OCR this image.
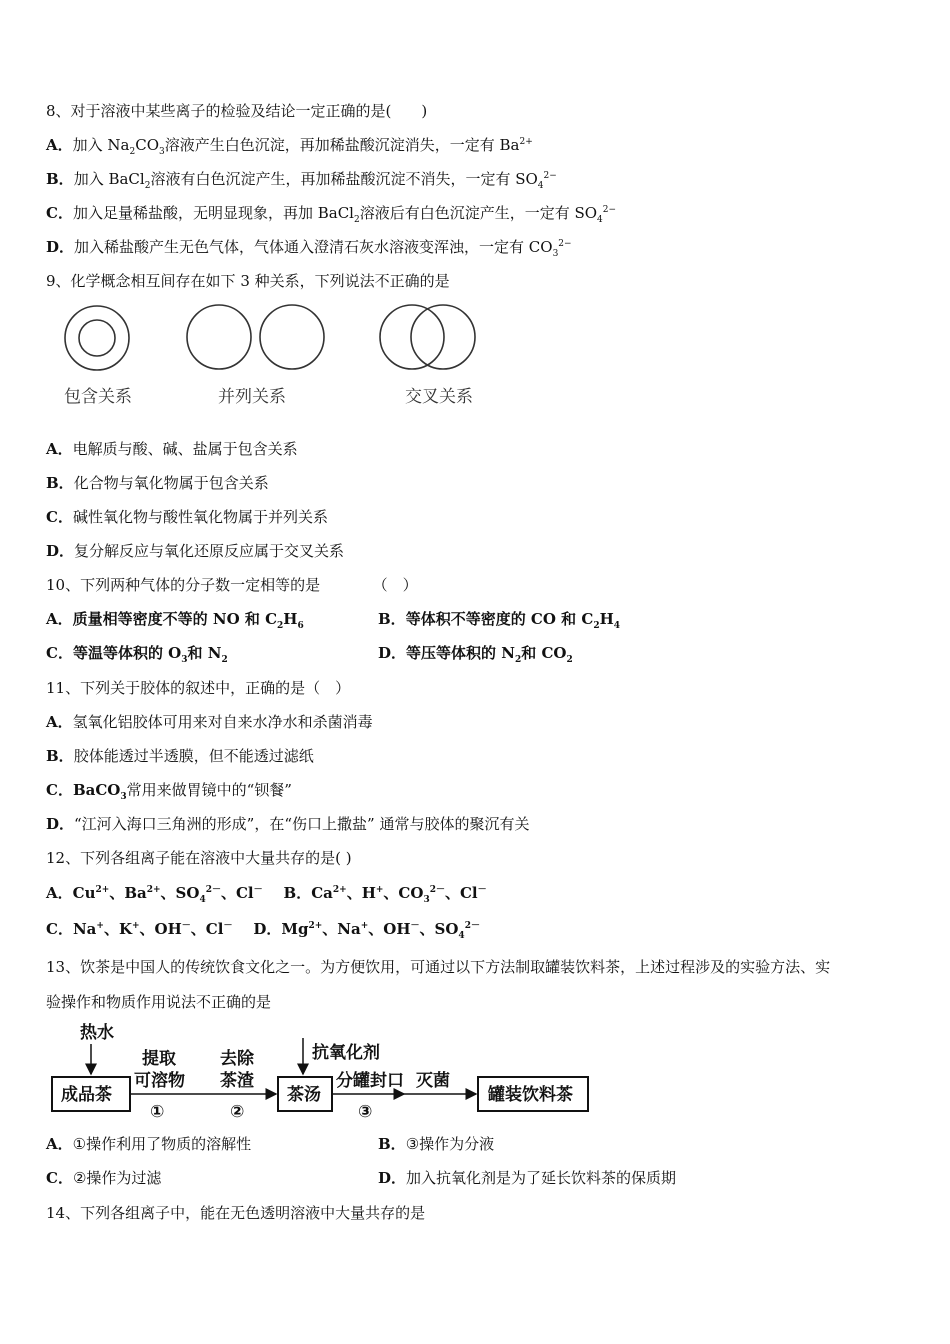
8、对于溶液中某些离子的检验及结论一定正确的是(　　)
A．加入 $Na_2CO_3$溶液产生白色沉淀，再加稀盐酸沉淀消失，一定有 $Ba^{2+}$
B．加入 BaCl$_2$溶液有白色沉淀产生，再加稀盐酸沉淀不消失，一定有 $SO_4^{2-}$
C．加入足量稀盐酸，无明显现象，再加 BaCl$_2$溶液后有白色沉淀产生，一定有 $SO_4^{2-}$
D．加入稀盐酸产生无色气体，气体通入澄清石灰水溶液变浑浊，一定有 $CO_3^{2-}$
9、化学概念相互间存在如下 3 种关系，下列说法不正确的是
包含关系	并列关系	交叉关系
A．电解质与酸、碱、盐属于包含关系
B．化合物与氧化物属于包含关系
C．碱性氧化物与酸性氧化物属于并列关系
D．复分解反应与氧化还原反应属于交叉关系
10、下列两种气体的分子数一定相等的是　　　　（　）
A．质量相等密度不等的 NO 和 $C_2H_6$	B．等体积不等密度的 CO 和 $C_2H_4$
C．等温等体积的 $O_3$和 $N_2$	D．等压等体积的 $N_2$和 $CO_2$
11、下列关于胶体的叙述中，正确的是（　）
A．氢氧化铝胶体可用来对自来水净水和杀菌消毒
B．胶体能透过半透膜，但不能透过滤纸
C．BaCO$_3$常用来做胃镜中的“钡餐”
D．“江河入海口三角洲的形成”，在“伤口上撒盐” 通常与胶体的聚沉有关
12、下列各组离子能在溶液中大量共存的是( )
A．$Cu^{2+}$、$Ba^{2+}$、$SO_4^{2-}$、Cl－ B．$Ca^{2+}$、H+、$CO_3^{2-}$、Cl－
C．Na+、K+、OH－、Cl－ D．$Mg^{2+}$、Na+、OH－、$SO_4^{2-}$
13、饮茶是中国人的传统饮食文化之一。为方便饮用，可通过以下方法制取罐装饮料茶，上述过程涉及的实验方法、实
验操作和物质作用说法不正确的是
热水
成品茶
提取
可溶物
①
去除
茶渣
②
抗氧化剂
茶汤
分罐封口
③
灭菌
罐装饮料茶
A．①操作利用了物质的溶解性	B．③操作为分液
C．②操作为过滤	D．加入抗氧化剂是为了延长饮料茶的保质期
14、下列各组离子中，能在无色透明溶液中大量共存的是
